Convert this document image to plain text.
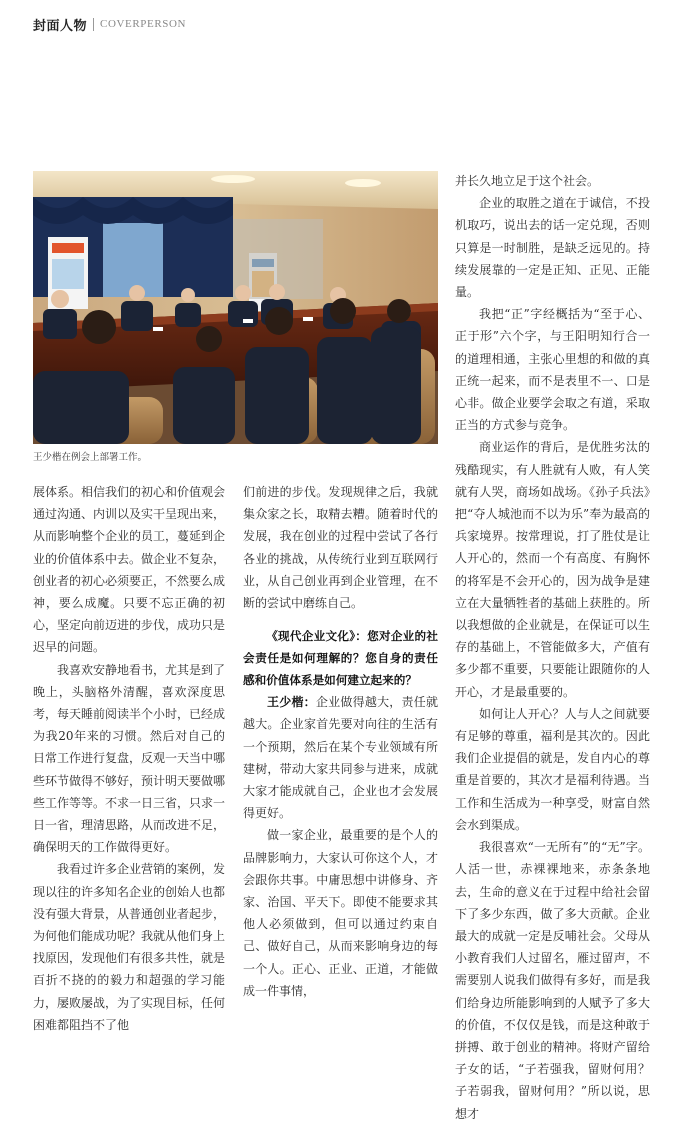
封面人物 COVERPERSON
王少楷在例会上部署工作。

展体系。相信我们的初心和价值观会通过沟通、内训以及实干呈现出来，从而影响整个企业的员工，蔓延到企业的价值体系中去。做企业不复杂，创业者的初心必须要正，不然要么成神，要么成魔。只要不忘正确的初心，坚定向前迈进的步伐，成功只是迟早的问题。

我喜欢安静地看书，尤其是到了晚上，头脑格外清醒，喜欢深度思考，每天睡前阅读半个小时，已经成为我20年来的习惯。然后对自己的日常工作进行复盘，反观一天当中哪些环节做得不够好，预计明天要做哪些工作等等。不求一日三省，只求一日一省，理清思路，从而改进不足，确保明天的工作做得更好。

我看过许多企业营销的案例，发现以往的许多知名企业的创始人也都没有强大背景，从普通创业者起步，为何他们能成功呢？我就从他们身上找原因，发现他们有很多共性，就是百折不挠的的毅力和超强的学习能力，屡败屡战，为了实现目标，任何困难都阻挡不了他

们前进的步伐。发现规律之后，我就集众家之长，取精去糟。随着时代的发展，我在创业的过程中尝试了各行各业的挑战，从传统行业到互联网行业，从自己创业再到企业管理，在不断的尝试中磨练自己。

《现代企业文化》：您对企业的社会责任是如何理解的？您自身的责任感和价值体系是如何建立起来的？

王少楷：企业做得越大，责任就越大。企业家首先要对向往的生活有一个预期，然后在某个专业领域有所建树，带动大家共同参与进来，成就大家才能成就自己，企业也才会发展得更好。

做一家企业，最重要的是个人的品牌影响力，大家认可你这个人，才会跟你共事。中庸思想中讲修身、齐家、治国、平天下。即使不能要求其他人必须做到，但可以通过约束自己、做好自己，从而来影响身边的每一个人。正心、正业、正道，才能做成一件事情，

并长久地立足于这个社会。

企业的取胜之道在于诚信，不投机取巧，说出去的话一定兑现，否则只算是一时制胜，是缺乏远见的。持续发展靠的一定是正知、正见、正能量。

我把“正”字经概括为“至于心、正于形”六个字，与王阳明知行合一的道理相通，主张心里想的和做的真正统一起来，而不是表里不一、口是心非。做企业要学会取之有道，采取正当的方式参与竞争。

商业运作的背后，是优胜劣汰的残酷现实，有人胜就有人败，有人笑就有人哭，商场如战场。《孙子兵法》把“夺人城池而不以为乐”奉为最高的兵家境界。按常理说，打了胜仗是让人开心的，然而一个有高度、有胸怀的将军是不会开心的，因为战争是建立在大量牺牲者的基础上获胜的。所以我想做的企业就是，在保证可以生存的基础上，不管能做多大，产值有多少都不重要，只要能让跟随你的人开心，才是最重要的。

如何让人开心？人与人之间就要有足够的尊重，福利是其次的。因此我们企业提倡的就是，发自内心的尊重是首要的，其次才是福利待遇。当工作和生活成为一种享受，财富自然会水到渠成。

我很喜欢“一无所有”的“无”字。人活一世，赤裸裸地来，赤条条地去，生命的意义在于过程中给社会留下了多少东西，做了多大贡献。企业最大的成就一定是反哺社会。父母从小教育我们人过留名，雁过留声，不需要别人说我们做得有多好，而是我们给身边所能影响到的人赋予了多大的价值，不仅仅是钱，而是这种敢于拼搏、敢于创业的精神。将财产留给子女的话，“子若强我，留财何用？子若弱我，留财何用？”所以说，思想才
